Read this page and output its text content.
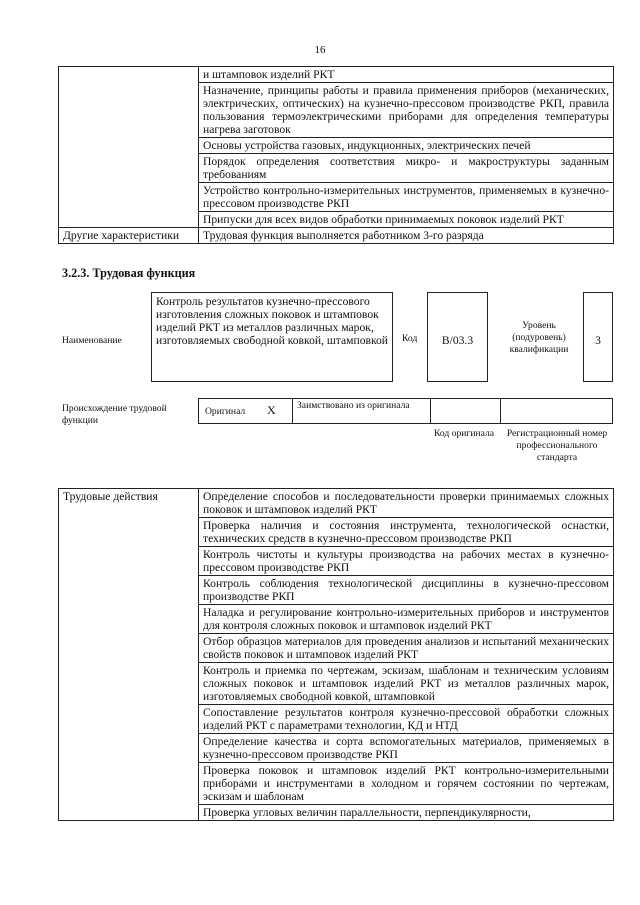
16
	и штамповок изделий РКТ
	Назначение, принципы работы и правила применения приборов (механических, электрических, оптических) на кузнечно-прессовом производстве РКП, правила пользования термоэлектрическими приборами для определения температуры нагрева заготовок
	Основы устройства газовых, индукционных, электрических печей
	Порядок определения соответствия микро- и макроструктуры заданным требованиям
	Устройство контрольно-измерительных инструментов, применяемых в кузнечно-прессовом производстве РКП
	Припуски для всех видов обработки принимаемых поковок изделий РКТ
Другие характеристики	Трудовая функция выполняется работником 3-го разряда
3.2.3. Трудовая функция
Наименование
Контроль результатов кузнечно-прессового изготовления сложных поковок и штамповок изделий РКТ из металлов различных марок, изготовляемых свободной ковкой, штамповкой	Код	B/03.3
Уровень (подуровень) квалификации
3
Происхождение трудовой функции
Оригинал X Заимствовано из оригинала
Код оригинала	Регистрационный номер профессионального стандарта
Трудовые действия	Определение способов и последовательности проверки принимаемых сложных поковок и штамповок изделий РКТ
Проверка наличия и состояния инструмента, технологической оснастки, технических средств в кузнечно-прессовом производстве РКП
Контроль чистоты и культуры производства на рабочих местах в кузнечно-прессовом производстве РКП
Контроль соблюдения технологической дисциплины в кузнечно-прессовом производстве РКП
Наладка и регулирование контрольно-измерительных приборов и инструментов для контроля сложных поковок и штамповок изделий РКТ
Отбор образцов материалов для проведения анализов и испытаний механических свойств поковок и штамповок изделий РКТ
Контроль и приемка по чертежам, эскизам, шаблонам и техническим условиям сложных поковок и штамповок изделий РКТ из металлов различных марок, изготовляемых свободной ковкой, штамповкой
Сопоставление результатов контроля кузнечно-прессовой обработки сложных изделий РКТ с параметрами технологии, КД и НТД
Определение качества и сорта вспомогательных материалов, применяемых в кузнечно-прессовом производстве РКП
Проверка поковок и штамповок изделий РКТ контрольно-измерительными приборами и инструментами в холодном и горячем состоянии по чертежам, эскизам и шаблонам
Проверка угловых величин параллельности, перпендикулярности,
